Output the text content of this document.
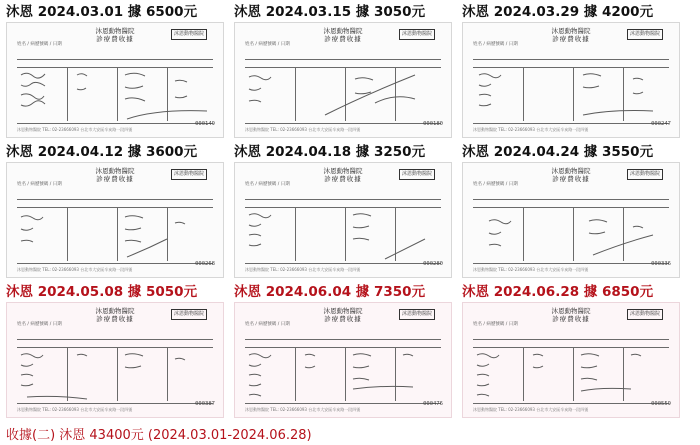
沐恩 2024.03.01 據 6500元
沐恩動物醫院
診療費收據
沐恩動物醫院
姓名 / 病歷號碼 / 日期
沐恩動物醫院 TEL: 02-23666093 台北市大安區辛亥路一段四號
000149
沐恩 2024.03.15 據 3050元
沐恩動物醫院
診療費收據
沐恩動物醫院
姓名 / 病歷號碼 / 日期
沐恩動物醫院 TEL: 02-23666093 台北市大安區辛亥路一段四號
000180
沐恩 2024.03.29 據 4200元
沐恩動物醫院
診療費收據
沐恩動物醫院
姓名 / 病歷號碼 / 日期
沐恩動物醫院 TEL: 02-23666093 台北市大安區辛亥路一段四號
000247
沐恩 2024.04.12 據 3600元
沐恩動物醫院
診療費收據
沐恩動物醫院
姓名 / 病歷號碼 / 日期
沐恩動物醫院 TEL: 02-23666093 台北市大安區辛亥路一段四號
000268
沐恩 2024.04.18 據 3250元
沐恩動物醫院
診療費收據
沐恩動物醫院
姓名 / 病歷號碼 / 日期
沐恩動物醫院 TEL: 02-23666093 台北市大安區辛亥路一段四號
000280
沐恩 2024.04.24 據 3550元
沐恩動物醫院
診療費收據
沐恩動物醫院
姓名 / 病歷號碼 / 日期
沐恩動物醫院 TEL: 02-23666093 台北市大安區辛亥路一段四號
000336
沐恩 2024.05.08 據 5050元
沐恩動物醫院
診療費收據
沐恩動物醫院
姓名 / 病歷號碼 / 日期
沐恩動物醫院 TEL: 02-23666093 台北市大安區辛亥路一段四號
000387
沐恩 2024.06.04 據 7350元
沐恩動物醫院
診療費收據
沐恩動物醫院
姓名 / 病歷號碼 / 日期
沐恩動物醫院 TEL: 02-23666093 台北市大安區辛亥路一段四號
000476
沐恩 2024.06.28 據 6850元
沐恩動物醫院
診療費收據
沐恩動物醫院
姓名 / 病歷號碼 / 日期
沐恩動物醫院 TEL: 02-23666093 台北市大安區辛亥路一段四號
000559
收據(二) 沐恩 43400元 (2024.03.01-2024.06.28)
